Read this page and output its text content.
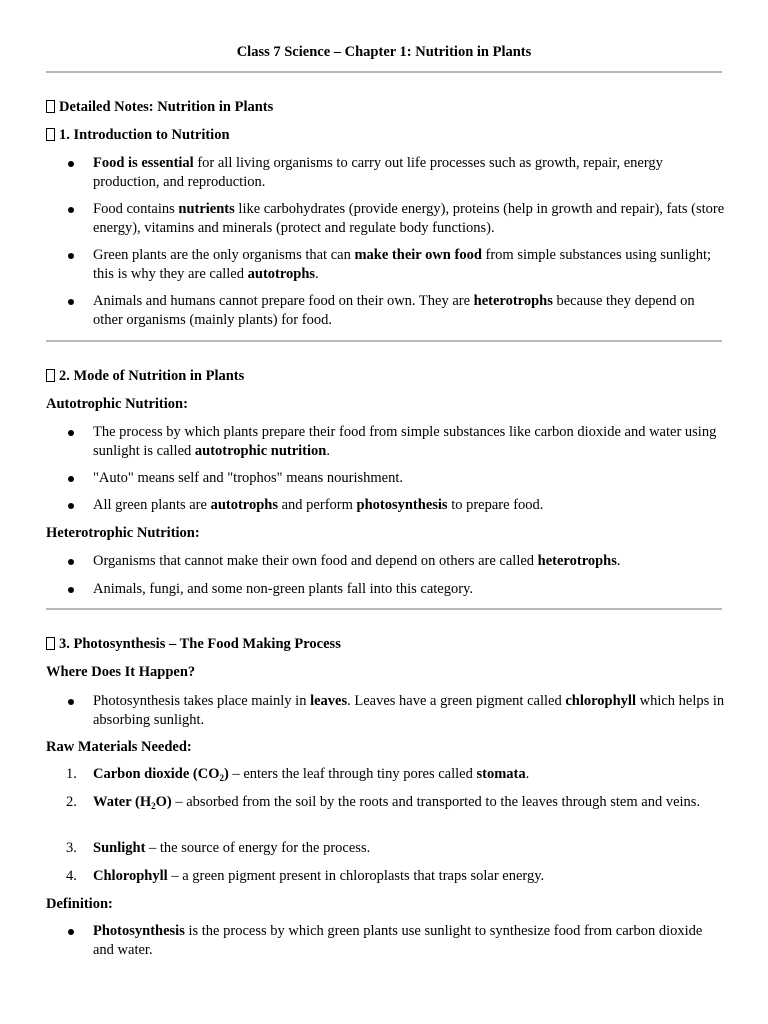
Class 7 Science – Chapter 1: Nutrition in Plants
Detailed Notes: Nutrition in Plants
1. Introduction to Nutrition
Food is essential for all living organisms to carry out life processes such as growth, repair, energy production, and reproduction.
Food contains nutrients like carbohydrates (provide energy), proteins (help in growth and repair), fats (store energy), vitamins and minerals (protect and regulate body functions).
Green plants are the only organisms that can make their own food from simple substances using sunlight; this is why they are called autotrophs.
Animals and humans cannot prepare food on their own. They are heterotrophs because they depend on other organisms (mainly plants) for food.
2. Mode of Nutrition in Plants
Autotrophic Nutrition:
The process by which plants prepare their food from simple substances like carbon dioxide and water using sunlight is called autotrophic nutrition.
"Auto" means self and "trophos" means nourishment.
All green plants are autotrophs and perform photosynthesis to prepare food.
Heterotrophic Nutrition:
Organisms that cannot make their own food and depend on others are called heterotrophs.
Animals, fungi, and some non-green plants fall into this category.
3. Photosynthesis – The Food Making Process
Where Does It Happen?
Photosynthesis takes place mainly in leaves. Leaves have a green pigment called chlorophyll which helps in absorbing sunlight.
Raw Materials Needed:
1.	Carbon dioxide $(CO_2)$ – enters the leaf through tiny pores called stomata.
2.	Water $(H_2O)$ – absorbed from the soil by the roots and transported to the leaves through stem and veins.
3.	Sunlight – the source of energy for the process.
4.	Chlorophyll – a green pigment present in chloroplasts that traps solar energy.
Definition:
Photosynthesis is the process by which green plants use sunlight to synthesize food from carbon dioxide and water.
